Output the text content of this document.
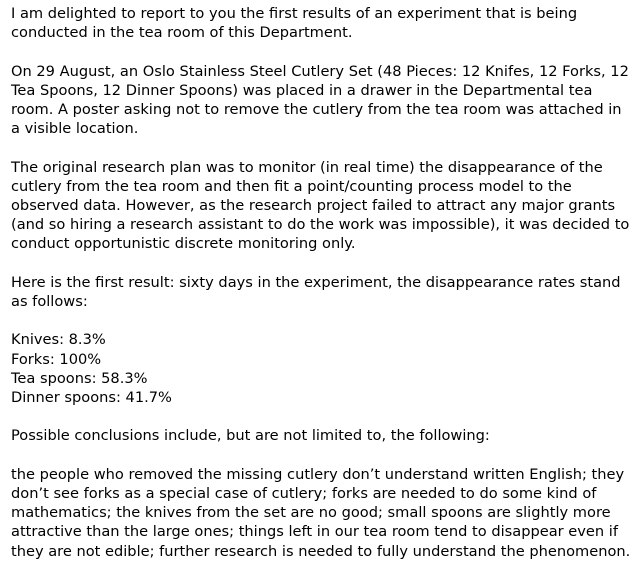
I am delighted to report to you the first results of an experiment that is being conducted in the tea room of this Department.

On 29 August, an Oslo Stainless Steel Cutlery Set (48 Pieces: 12 Knifes, 12 Forks, 12 Tea Spoons, 12 Dinner Spoons) was placed in a drawer in the Departmental tea room. A poster asking not to remove the cutlery from the tea room was attached in a visible location.

The original research plan was to monitor (in real time) the disappearance of the cutlery from the tea room and then fit a point/counting process model to the observed data. However, as the research project failed to attract any major grants (and so hiring a research assistant to do the work was impossible), it was decided to conduct opportunistic discrete monitoring only.

Here is the first result: sixty days in the experiment, the disappearance rates stand as follows:

Knives: 8.3%
Forks: 100%
Tea spoons: 58.3%
Dinner spoons: 41.7%

Possible conclusions include, but are not limited to, the following:

the people who removed the missing cutlery don’t understand written English; they don’t see forks as a special case of cutlery; forks are needed to do some kind of mathematics; the knives from the set are no good; small spoons are slightly more attractive than the large ones; things left in our tea room tend to disappear even if they are not edible; further research is needed to fully understand the phenomenon.
